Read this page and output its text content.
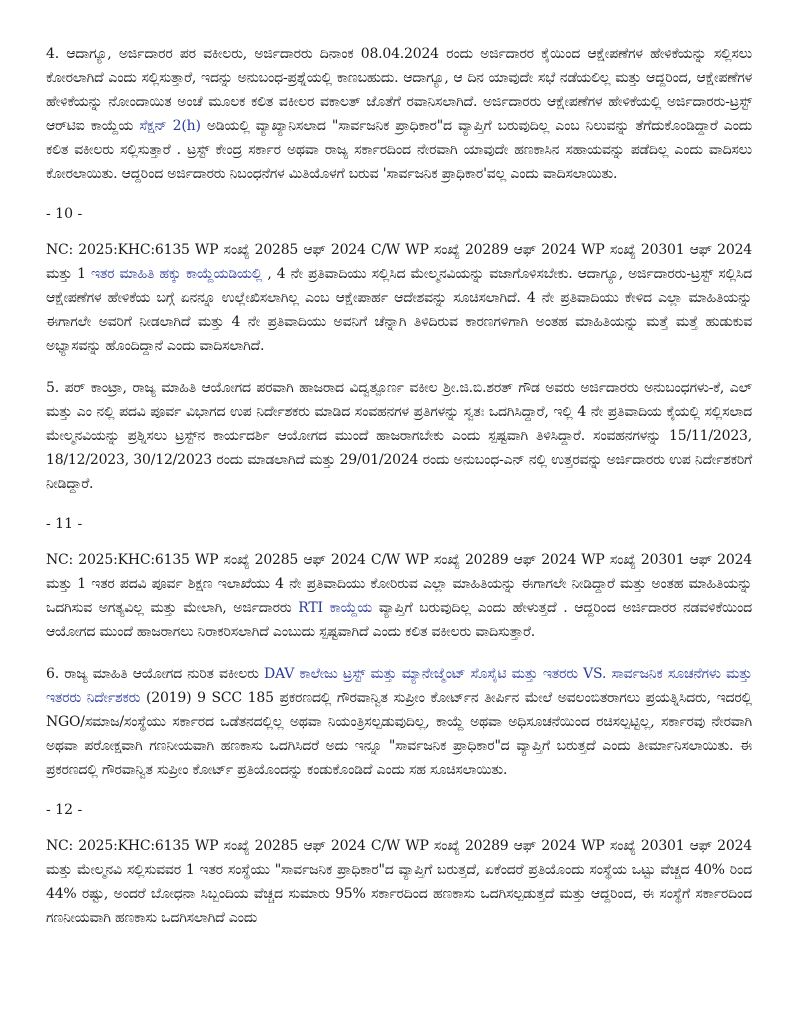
4. ಆದಾಗ್ಯೂ, ಅರ್ಜಿದಾರರ ಪರ ವಕೀಲರು, ಅರ್ಜಿದಾರರು ದಿನಾಂಕ 08.04.2024 ರಂದು ಅರ್ಜಿದಾರರ ಕೈಯಿಂದ ಆಕ್ಷೇಪಣೆಗಳ ಹೇಳಿಕೆಯನ್ನು ಸಲ್ಲಿಸಲು ಕೋರಲಾಗಿದೆ ಎಂದು ಸಲ್ಲಿಸುತ್ತಾರೆ, ಇದನ್ನು ಅನುಬಂಧ-ಪ್ರಶ್ನೆಯಲ್ಲಿ ಕಾಣಬಹುದು. ಆದಾಗ್ಯೂ, ಆ ದಿನ ಯಾವುದೇ ಸಭೆ ನಡೆಯಲಿಲ್ಲ ಮತ್ತು ಆದ್ದರಿಂದ, ಆಕ್ಷೇಪಣೆಗಳ ಹೇಳಿಕೆಯನ್ನು ನೋಂದಾಯಿತ ಅಂಚೆ ಮೂಲಕ ಕಲಿತ ವಕೀಲರ ವಕಾಲತ್ ಜೊತೆಗೆ ರವಾನಿಸಲಾಗಿದೆ. ಅರ್ಜಿದಾರರು ಆಕ್ಷೇಪಣೆಗಳ ಹೇಳಿಕೆಯಲ್ಲಿ ಅರ್ಜಿದಾರರು-ಟ್ರಸ್ಟ್ ಆರ್‌ಟಿಐ ಕಾಯ್ದೆಯ ಸೆಕ್ಷನ್ 2(h) ಅಡಿಯಲ್ಲಿ ವ್ಯಾಖ್ಯಾನಿಸಲಾದ "ಸಾರ್ವಜನಿಕ ಪ್ರಾಧಿಕಾರ"ದ ವ್ಯಾಪ್ತಿಗೆ ಬರುವುದಿಲ್ಲ ಎಂಬ ನಿಲುವನ್ನು ತೆಗೆದುಕೊಂಡಿದ್ದಾರೆ ಎಂದು ಕಲಿತ ವಕೀಲರು ಸಲ್ಲಿಸುತ್ತಾರೆ . ಟ್ರಸ್ಟ್ ಕೇಂದ್ರ ಸರ್ಕಾರ ಅಥವಾ ರಾಜ್ಯ ಸರ್ಕಾರದಿಂದ ನೇರವಾಗಿ ಯಾವುದೇ ಹಣಕಾಸಿನ ಸಹಾಯವನ್ನು ಪಡೆದಿಲ್ಲ ಎಂದು ವಾದಿಸಲು ಕೋರಲಾಯಿತು. ಆದ್ದರಿಂದ ಅರ್ಜಿದಾರರು ನಿಬಂಧನೆಗಳ ಮಿತಿಯೊಳಗೆ ಬರುವ 'ಸಾರ್ವಜನಿಕ ಪ್ರಾಧಿಕಾರ'ವಲ್ಲ ಎಂದು ವಾದಿಸಲಾಯಿತು.

- 10 -

NC: 2025:KHC:6135 WP ಸಂಖ್ಯೆ 20285 ಆಫ್ 2024 C/W WP ಸಂಖ್ಯೆ 20289 ಆಫ್ 2024 WP ಸಂಖ್ಯೆ 20301 ಆಫ್ 2024 ಮತ್ತು 1 ಇತರ ಮಾಹಿತಿ ಹಕ್ಕು ಕಾಯ್ದೆಯಡಿಯಲ್ಲಿ , 4 ನೇ ಪ್ರತಿವಾದಿಯು ಸಲ್ಲಿಸಿದ ಮೇಲ್ಮನವಿಯನ್ನು ವಜಾಗೊಳಿಸಬೇಕು. ಆದಾಗ್ಯೂ, ಅರ್ಜಿದಾರರು-ಟ್ರಸ್ಟ್ ಸಲ್ಲಿಸಿದ ಆಕ್ಷೇಪಣೆಗಳ ಹೇಳಿಕೆಯ ಬಗ್ಗೆ ಏನನ್ನೂ ಉಲ್ಲೇಖಿಸಲಾಗಿಲ್ಲ ಎಂಬ ಆಕ್ಷೇಪಾರ್ಹ ಆದೇಶವನ್ನು ಸೂಚಿಸಲಾಗಿದೆ. 4 ನೇ ಪ್ರತಿವಾದಿಯು ಕೇಳಿದ ಎಲ್ಲಾ ಮಾಹಿತಿಯನ್ನು ಈಗಾಗಲೇ ಅವರಿಗೆ ನೀಡಲಾಗಿದೆ ಮತ್ತು 4 ನೇ ಪ್ರತಿವಾದಿಯು ಅವನಿಗೆ ಚೆನ್ನಾಗಿ ತಿಳಿದಿರುವ ಕಾರಣಗಳಿಗಾಗಿ ಅಂತಹ ಮಾಹಿತಿಯನ್ನು ಮತ್ತೆ ಮತ್ತೆ ಹುಡುಕುವ ಅಭ್ಯಾಸವನ್ನು ಹೊಂದಿದ್ದಾನೆ ಎಂದು ವಾದಿಸಲಾಗಿದೆ.

5. ಪರ್ ಕಾಂಟ್ರಾ, ರಾಜ್ಯ ಮಾಹಿತಿ ಆಯೋಗದ ಪರವಾಗಿ ಹಾಜರಾದ ವಿದ್ವತ್ಪೂರ್ಣ ವಕೀಲ ಶ್ರೀ.ಜಿ.ಬಿ.ಶರತ್ ಗೌಡ ಅವರು ಅರ್ಜಿದಾರರು ಅನುಬಂಧಗಳು-ಕೆ, ಎಲ್ ಮತ್ತು ಎಂ ನಲ್ಲಿ ಪದವಿ ಪೂರ್ವ ವಿಭಾಗದ ಉಪ ನಿರ್ದೇಶಕರು ಮಾಡಿದ ಸಂವಹನಗಳ ಪ್ರತಿಗಳನ್ನು ಸ್ವತಃ ಒದಗಿಸಿದ್ದಾರೆ, ಇಲ್ಲಿ 4 ನೇ ಪ್ರತಿವಾದಿಯ ಕೈಯಲ್ಲಿ ಸಲ್ಲಿಸಲಾದ ಮೇಲ್ಮನವಿಯನ್ನು ಪ್ರಶ್ನಿಸಲು ಟ್ರಸ್ಟ್‌ನ ಕಾರ್ಯದರ್ಶಿ ಆಯೋಗದ ಮುಂದೆ ಹಾಜರಾಗಬೇಕು ಎಂದು ಸ್ಪಷ್ಟವಾಗಿ ತಿಳಿಸಿದ್ದಾರೆ. ಸಂವಹನಗಳನ್ನು 15/11/2023, 18/12/2023, 30/12/2023 ರಂದು ಮಾಡಲಾಗಿದೆ ಮತ್ತು 29/01/2024 ರಂದು ಅನುಬಂಧ-ಎನ್ ನಲ್ಲಿ ಉತ್ತರವನ್ನು ಅರ್ಜಿದಾರರು ಉಪ ನಿರ್ದೇಶಕರಿಗೆ ನೀಡಿದ್ದಾರೆ.

- 11 -

NC: 2025:KHC:6135 WP ಸಂಖ್ಯೆ 20285 ಆಫ್ 2024 C/W WP ಸಂಖ್ಯೆ 20289 ಆಫ್ 2024 WP ಸಂಖ್ಯೆ 20301 ಆಫ್ 2024 ಮತ್ತು 1 ಇತರ ಪದವಿ ಪೂರ್ವ ಶಿಕ್ಷಣ ಇಲಾಖೆಯು 4 ನೇ ಪ್ರತಿವಾದಿಯು ಕೋರಿರುವ ಎಲ್ಲಾ ಮಾಹಿತಿಯನ್ನು ಈಗಾಗಲೇ ನೀಡಿದ್ದಾರೆ ಮತ್ತು ಅಂತಹ ಮಾಹಿತಿಯನ್ನು ಒದಗಿಸುವ ಅಗತ್ಯವಿಲ್ಲ ಮತ್ತು ಮೇಲಾಗಿ, ಅರ್ಜಿದಾರರು RTI ಕಾಯ್ದೆಯ ವ್ಯಾಪ್ತಿಗೆ ಬರುವುದಿಲ್ಲ ಎಂದು ಹೇಳುತ್ತದೆ . ಆದ್ದರಿಂದ ಅರ್ಜಿದಾರರ ನಡವಳಿಕೆಯಿಂದ ಆಯೋಗದ ಮುಂದೆ ಹಾಜರಾಗಲು ನಿರಾಕರಿಸಲಾಗಿದೆ ಎಂಬುದು ಸ್ಪಷ್ಟವಾಗಿದೆ ಎಂದು ಕಲಿತ ವಕೀಲರು ವಾದಿಸುತ್ತಾರೆ.

6. ರಾಜ್ಯ ಮಾಹಿತಿ ಆಯೋಗದ ನುರಿತ ವಕೀಲರು DAV ಕಾಲೇಜು ಟ್ರಸ್ಟ್ ಮತ್ತು ಮ್ಯಾನೇಜ್ಮೆಂಟ್ ಸೊಸೈಟಿ ಮತ್ತು ಇತರರು VS. ಸಾರ್ವಜನಿಕ ಸೂಚನೆಗಳು ಮತ್ತು ಇತರರು ನಿರ್ದೇಶಕರು (2019) 9 SCC 185 ಪ್ರಕರಣದಲ್ಲಿ ಗೌರವಾನ್ವಿತ ಸುಪ್ರೀಂ ಕೋರ್ಟ್‌ನ ತೀರ್ಪಿನ ಮೇಲೆ ಅವಲಂಬಿತರಾಗಲು ಪ್ರಯತ್ನಿಸಿದರು, ಇದರಲ್ಲಿ NGO/ಸಮಾಜ/ಸಂಸ್ಥೆಯು ಸರ್ಕಾರದ ಒಡೆತನದಲ್ಲಿಲ್ಲ ಅಥವಾ ನಿಯಂತ್ರಿಸಲ್ಪಡುವುದಿಲ್ಲ, ಕಾಯ್ದೆ ಅಥವಾ ಅಧಿಸೂಚನೆಯಿಂದ ರಚಿಸಲ್ಪಟ್ಟಿಲ್ಲ, ಸರ್ಕಾರವು ನೇರವಾಗಿ ಅಥವಾ ಪರೋಕ್ಷವಾಗಿ ಗಣನೀಯವಾಗಿ ಹಣಕಾಸು ಒದಗಿಸಿದರೆ ಅದು ಇನ್ನೂ "ಸಾರ್ವಜನಿಕ ಪ್ರಾಧಿಕಾರ"ದ ವ್ಯಾಪ್ತಿಗೆ ಬರುತ್ತದೆ ಎಂದು ತೀರ್ಮಾನಿಸಲಾಯಿತು. ಈ ಪ್ರಕರಣದಲ್ಲಿ ಗೌರವಾನ್ವಿತ ಸುಪ್ರೀಂ ಕೋರ್ಟ್ ಪ್ರತಿಯೊಂದನ್ನು ಕಂಡುಕೊಂಡಿದೆ ಎಂದು ಸಹ ಸೂಚಿಸಲಾಯಿತು.

- 12 -

NC: 2025:KHC:6135 WP ಸಂಖ್ಯೆ 20285 ಆಫ್ 2024 C/W WP ಸಂಖ್ಯೆ 20289 ಆಫ್ 2024 WP ಸಂಖ್ಯೆ 20301 ಆಫ್ 2024 ಮತ್ತು ಮೇಲ್ಮನವಿ ಸಲ್ಲಿಸುವವರ 1 ಇತರ ಸಂಸ್ಥೆಯು "ಸಾರ್ವಜನಿಕ ಪ್ರಾಧಿಕಾರ"ದ ವ್ಯಾಪ್ತಿಗೆ ಬರುತ್ತದೆ, ಏಕೆಂದರೆ ಪ್ರತಿಯೊಂದು ಸಂಸ್ಥೆಯ ಒಟ್ಟು ವೆಚ್ಚದ 40% ರಿಂದ 44% ರಷ್ಟು, ಅಂದರೆ ಬೋಧನಾ ಸಿಬ್ಬಂದಿಯ ವೆಚ್ಚದ ಸುಮಾರು 95% ಸರ್ಕಾರದಿಂದ ಹಣಕಾಸು ಒದಗಿಸಲ್ಪಡುತ್ತದೆ ಮತ್ತು ಆದ್ದರಿಂದ, ಈ ಸಂಸ್ಥೆಗೆ ಸರ್ಕಾರದಿಂದ ಗಣನೀಯವಾಗಿ ಹಣಕಾಸು ಒದಗಿಸಲಾಗಿದೆ ಎಂದು
